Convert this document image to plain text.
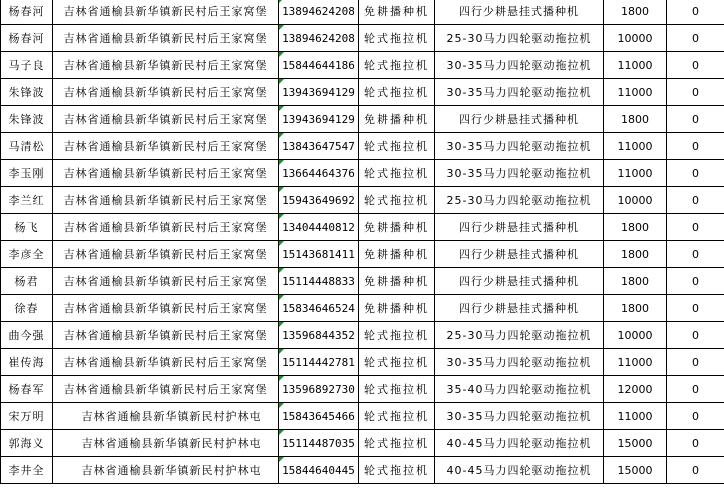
杨春河	吉林省通榆县新华镇新民村后王家窝堡	13894624208	免耕播种机	四行少耕悬挂式播种机	1800	0
杨春河	吉林省通榆县新华镇新民村后王家窝堡	13894624208	轮式拖拉机	25-30马力四轮驱动拖拉机	10000	0
马子良	吉林省通榆县新华镇新民村后王家窝堡	15844644186	轮式拖拉机	30-35马力四轮驱动拖拉机	11000	0
朱锋波	吉林省通榆县新华镇新民村后王家窝堡	13943694129	轮式拖拉机	30-35马力四轮驱动拖拉机	11000	0
朱锋波	吉林省通榆县新华镇新民村后王家窝堡	13943694129	免耕播种机	四行少耕悬挂式播种机	1800	0
马清松	吉林省通榆县新华镇新民村后王家窝堡	13843647547	轮式拖拉机	30-35马力四轮驱动拖拉机	11000	0
李玉刚	吉林省通榆县新华镇新民村后王家窝堡	13664464376	轮式拖拉机	30-35马力四轮驱动拖拉机	11000	0
李兰红	吉林省通榆县新华镇新民村后王家窝堡	15943649692	轮式拖拉机	25-30马力四轮驱动拖拉机	10000	0
杨飞	吉林省通榆县新华镇新民村后王家窝堡	13404440812	免耕播种机	四行少耕悬挂式播种机	1800	0
李彦全	吉林省通榆县新华镇新民村后王家窝堡	15143681411	免耕播种机	四行少耕悬挂式播种机	1800	0
杨君	吉林省通榆县新华镇新民村后王家窝堡	15114448833	免耕播种机	四行少耕悬挂式播种机	1800	0
徐春	吉林省通榆县新华镇新民村后王家窝堡	15834646524	免耕播种机	四行少耕悬挂式播种机	1800	0
曲今强	吉林省通榆县新华镇新民村后王家窝堡	13596844352	轮式拖拉机	25-30马力四轮驱动拖拉机	10000	0
崔传海	吉林省通榆县新华镇新民村后王家窝堡	15114442781	轮式拖拉机	30-35马力四轮驱动拖拉机	11000	0
杨春军	吉林省通榆县新华镇新民村后王家窝堡	13596892730	轮式拖拉机	35-40马力四轮驱动拖拉机	12000	0
宋万明	吉林省通榆县新华镇新民村护林屯	15843645466	轮式拖拉机	30-35马力四轮驱动拖拉机	11000	0
郭海义	吉林省通榆县新华镇新民村护林屯	15114487035	轮式拖拉机	40-45马力四轮驱动拖拉机	15000	0
李井全	吉林省通榆县新华镇新民村护林屯	15844640445	轮式拖拉机	40-45马力四轮驱动拖拉机	15000	0
